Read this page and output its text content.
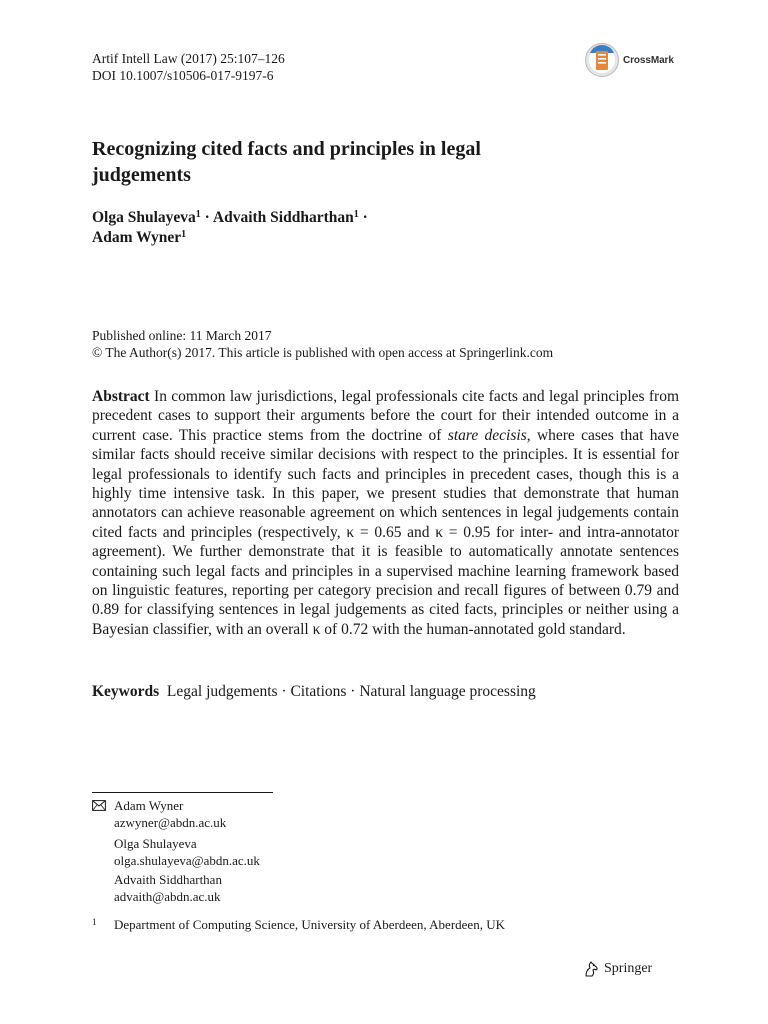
Artif Intell Law (2017) 25:107–126
DOI 10.1007/s10506-017-9197-6
CrossMark
Recognizing cited facts and principles in legal
judgements
Olga Shulayeva$^1$ · Advaith Siddharthan$^1$ ·
Adam Wyner$^1$
Published online: 11 March 2017
© The Author(s) 2017. This article is published with open access at Springerlink.com
Abstract In common law jurisdictions, legal professionals cite facts and legal principles from precedent cases to support their arguments before the court for their intended outcome in a current case. This practice stems from the doctrine of stare decisis, where cases that have similar facts should receive similar decisions with respect to the principles. It is essential for legal professionals to identify such facts and principles in precedent cases, though this is a highly time intensive task. In this paper, we present studies that demonstrate that human annotators can achieve reasonable agreement on which sentences in legal judgements contain cited facts and principles (respectively, κ = 0.65 and κ = 0.95 for inter- and intra-annotator agreement). We further demonstrate that it is feasible to automatically annotate sentences containing such legal facts and principles in a supervised machine learning framework based on linguistic features, reporting per category precision and recall figures of between 0.79 and 0.89 for classifying sentences in legal judgements as cited facts, principles or neither using a Bayesian classifier, with an overall κ of 0.72 with the human-annotated gold standard.
Keywords Legal judgements · Citations · Natural language processing
Adam Wyner
azwyner@abdn.ac.uk
Olga Shulayeva
olga.shulayeva@abdn.ac.uk
Advaith Siddharthan
advaith@abdn.ac.uk
1 Department of Computing Science, University of Aberdeen, Aberdeen, UK
Springer
